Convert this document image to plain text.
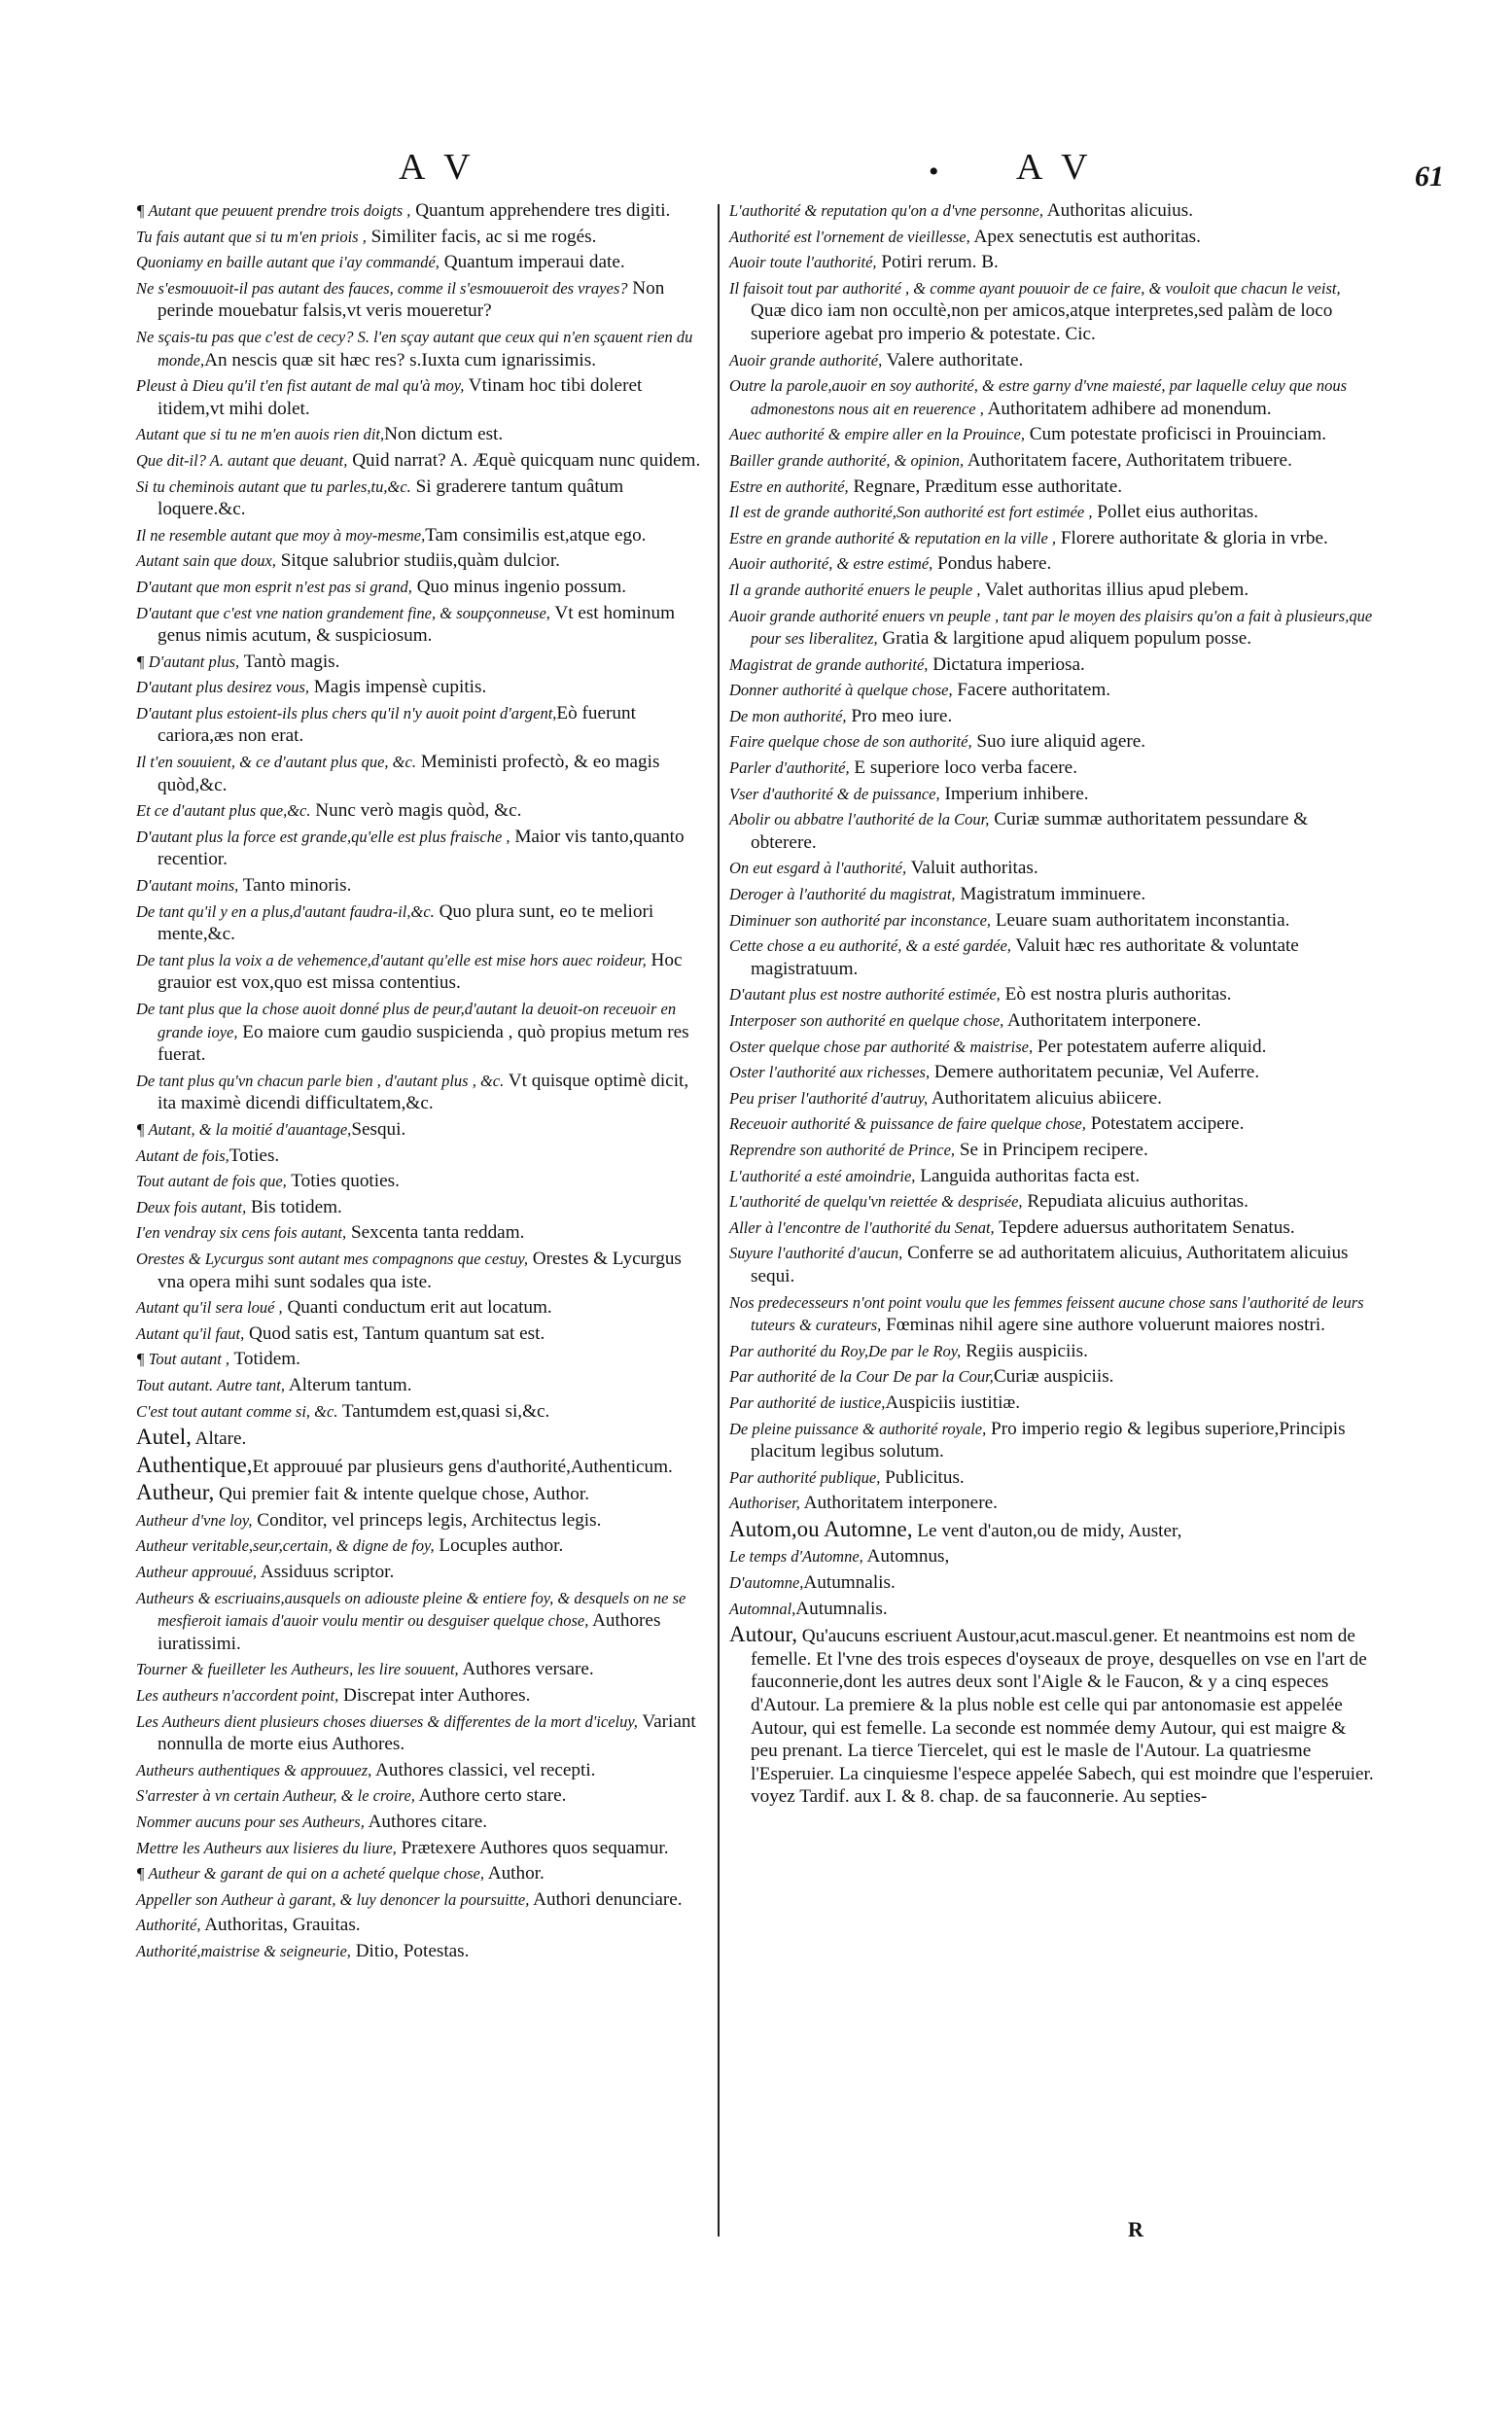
A V	• A V	61

¶ Autant que peuuent prendre trois doigts , Quantum apprehendere tres digiti.

Tu fais autant que si tu m'en priois , Similiter facis, ac si me rogés.

Quoniamy en baille autant que i'ay commandé, Quantum imperaui date.

Ne s'esmouuoit-il pas autant des fauces, comme il s'esmouueroit des vrayes? Non perinde mouebatur falsis,vt veris moueretur?

Ne sçais-tu pas que c'est de cecy? S. l'en sçay autant que ceux qui n'en sçauent rien du monde,An nescis quæ sit hæc res? s.Iuxta cum ignarissimis.

Pleust à Dieu qu'il t'en fist autant de mal qu'à moy, Vtinam hoc tibi doleret itidem,vt mihi dolet.

Autant que si tu ne m'en auois rien dit,Non dictum est.

Que dit-il? A. autant que deuant, Quid narrat? A. Æquè quicquam nunc quidem.

Si tu cheminois autant que tu parles,tu,&c. Si graderere tantum quâtum loquere.&c.

Il ne resemble autant que moy à moy-mesme,Tam consimilis est,atque ego.

Autant sain que doux, Sitque salubrior studiis,quàm dulcior.

D'autant que mon esprit n'est pas si grand, Quo minus ingenio possum.

D'autant que c'est vne nation grandement fine, & soupçonneuse, Vt est hominum genus nimis acutum, & suspiciosum.

¶ D'autant plus, Tantò magis.

D'autant plus desirez vous, Magis impensè cupitis.

D'autant plus estoient-ils plus chers qu'il n'y auoit point d'argent,Eò fuerunt cariora,æs non erat.

Il t'en souuient, & ce d'autant plus que, &c. Meministi profectò, & eo magis quòd,&c.

Et ce d'autant plus que,&c. Nunc verò magis quòd, &c.

D'autant plus la force est grande,qu'elle est plus fraische , Maior vis tanto,quanto recentior.

D'autant moins, Tanto minoris.

De tant qu'il y en a plus,d'autant faudra-il,&c. Quo plura sunt, eo te meliori mente,&c.

De tant plus la voix a de vehemence,d'autant qu'elle est mise hors auec roideur, Hoc grauior est vox,quo est missa contentius.

De tant plus que la chose auoit donné plus de peur,d'autant la deuoit-on receuoir en grande ioye, Eo maiore cum gaudio suspicienda , quò propius metum res fuerat.

De tant plus qu'vn chacun parle bien , d'autant plus , &c. Vt quisque optimè dicit, ita maximè dicendi difficultatem,&c.

¶ Autant, & la moitié d'auantage,Sesqui.

Autant de fois,Toties.

Tout autant de fois que, Toties quoties.

Deux fois autant, Bis totidem.

I'en vendray six cens fois autant, Sexcenta tanta reddam.

Orestes & Lycurgus sont autant mes compagnons que cestuy, Orestes & Lycurgus vna opera mihi sunt sodales qua iste.

Autant qu'il sera loué , Quanti conductum erit aut locatum.

Autant qu'il faut, Quod satis est, Tantum quantum sat est.

¶ Tout autant , Totidem.

Tout autant. Autre tant, Alterum tantum.

C'est tout autant comme si, &c. Tantumdem est,quasi si,&c.

Autel, Altare.

Authentique,Et approuué par plusieurs gens d'authorité,Authenticum.

Autheur, Qui premier fait & intente quelque chose, Author.

Autheur d'vne loy, Conditor, vel princeps legis, Architectus legis.

Autheur veritable,seur,certain, & digne de foy, Locuples author.

Autheur approuué, Assiduus scriptor.

Autheurs & escriuains,ausquels on adiouste pleine & entiere foy, & desquels on ne se mesfieroit iamais d'auoir voulu mentir ou desguiser quelque chose, Authores iuratissimi.

Tourner & fueilleter les Autheurs, les lire souuent, Authores versare.

Les autheurs n'accordent point, Discrepat inter Authores.

Les Autheurs dient plusieurs choses diuerses & differentes de la mort d'iceluy, Variant nonnulla de morte eius Authores.

Autheurs authentiques & approuuez, Authores classici, vel recepti.

S'arrester à vn certain Autheur, & le croire, Authore certo stare.

Nommer aucuns pour ses Autheurs, Authores citare.

Mettre les Autheurs aux lisieres du liure, Prætexere Authores quos sequamur.

¶ Autheur & garant de qui on a acheté quelque chose, Author.

Appeller son Autheur à garant, & luy denoncer la poursuitte, Authori denunciare.

Authorité, Authoritas, Grauitas.

Authorité,maistrise & seigneurie, Ditio, Potestas.

L'authorité & reputation qu'on a d'vne personne, Authoritas alicuius.

Authorité est l'ornement de vieillesse, Apex senectutis est authoritas.

Auoir toute l'authorité, Potiri rerum. B.

Il faisoit tout par authorité , & comme ayant pouuoir de ce faire, & vouloit que chacun le veist, Quæ dico iam non occultè,non per amicos,atque interpretes,sed palàm de loco superiore agebat pro imperio & potestate. Cic.

Auoir grande authorité, Valere authoritate.

Outre la parole,auoir en soy authorité, & estre garny d'vne maiesté, par laquelle celuy que nous admonestons nous ait en reuerence , Authoritatem adhibere ad monendum.

Auec authorité & empire aller en la Prouince, Cum potestate proficisci in Prouinciam.

Bailler grande authorité, & opinion, Authoritatem facere, Authoritatem tribuere.

Estre en authorité, Regnare, Præditum esse authoritate.

Il est de grande authorité,Son authorité est fort estimée , Pollet eius authoritas.

Estre en grande authorité & reputation en la ville , Florere authoritate & gloria in vrbe.

Auoir authorité, & estre estimé, Pondus habere.

Il a grande authorité enuers le peuple , Valet authoritas illius apud plebem.

Auoir grande authorité enuers vn peuple , tant par le moyen des plaisirs qu'on a fait à plusieurs,que pour ses liberalitez, Gratia & largitione apud aliquem populum posse.

Magistrat de grande authorité, Dictatura imperiosa.

Donner authorité à quelque chose, Facere authoritatem.

De mon authorité, Pro meo iure.

Faire quelque chose de son authorité, Suo iure aliquid agere.

Parler d'authorité, E superiore loco verba facere.

Vser d'authorité & de puissance, Imperium inhibere.

Abolir ou abbatre l'authorité de la Cour, Curiæ summæ authoritatem pessundare & obterere.

On eut esgard à l'authorité, Valuit authoritas.

Deroger à l'authorité du magistrat, Magistratum imminuere.

Diminuer son authorité par inconstance, Leuare suam authoritatem inconstantia.

Cette chose a eu authorité, & a esté gardée, Valuit hæc res authoritate & voluntate magistratuum.

D'autant plus est nostre authorité estimée, Eò est nostra pluris authoritas.

Interposer son authorité en quelque chose, Authoritatem interponere.

Oster quelque chose par authorité & maistrise, Per potestatem auferre aliquid.

Oster l'authorité aux richesses, Demere authoritatem pecuniæ, Vel Auferre.

Peu priser l'authorité d'autruy, Authoritatem alicuius abiicere.

Receuoir authorité & puissance de faire quelque chose, Potestatem accipere.

Reprendre son authorité de Prince, Se in Principem recipere.

L'authorité a esté amoindrie, Languida authoritas facta est.

L'authorité de quelqu'vn reiettée & desprisée, Repudiata alicuius authoritas.

Aller à l'encontre de l'authorité du Senat, Tepdere aduersus authoritatem Senatus.

Suyure l'authorité d'aucun, Conferre se ad authoritatem alicuius, Authoritatem alicuius sequi.

Nos predecesseurs n'ont point voulu que les femmes feissent aucune chose sans l'authorité de leurs tuteurs & curateurs, Fœminas nihil agere sine authore voluerunt maiores nostri.

Par authorité du Roy,De par le Roy, Regiis auspiciis.

Par authorité de la Cour De par la Cour,Curiæ auspiciis.

Par authorité de iustice,Auspiciis iustitiæ.

De pleine puissance & authorité royale, Pro imperio regio & legibus superiore,Principis placitum legibus solutum.

Par authorité publique, Publicitus.

Authoriser, Authoritatem interponere.

Autom,ou Automne, Le vent d'auton,ou de midy, Auster,

Le temps d'Automne, Automnus,

D'automne,Autumnalis.

Automnal,Autumnalis.

Autour, Qu'aucuns escriuent Austour,acut.mascul.gener. Et neantmoins est nom de femelle. Et l'vne des trois especes d'oyseaux de proye, desquelles on vse en l'art de fauconnerie,dont les autres deux sont l'Aigle & le Faucon, & y a cinq especes d'Autour. La premiere & la plus noble est celle qui par antonomasie est appelée Autour, qui est femelle. La seconde est nommée demy Autour, qui est maigre & peu prenant. La tierce Tiercelet, qui est le masle de l'Autour. La quatriesme l'Esperuier. La cinquiesme l'espece appelée Sabech, qui est moindre que l'esperuier. voyez Tardif. aux I. & 8. chap. de sa fauconnerie. Au septies-

R
